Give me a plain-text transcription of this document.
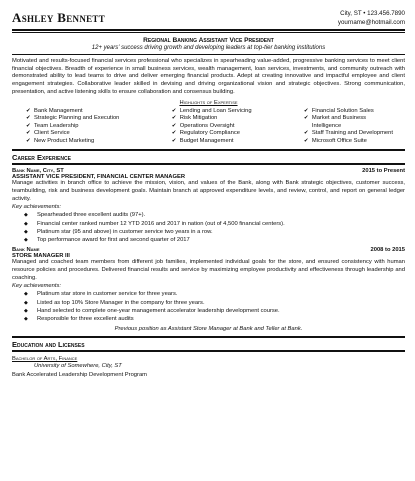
Ashley Bennett	City, ST • 123.456.7890
yourname@hotmail.com
Regional Banking Assistant Vice President
12+ years' success driving growth and developing leaders at top-tier banking institutions
Motivated and results-focused financial services professional who specializes in spearheading value-added, progressive banking services to meet client financial objectives. Breadth of experience in small business services, wealth management, loan services, investments, and community outreach with demonstrated ability to lead teams to drive and deliver emerging financial products. Adept at creating innovative and impactful employee and client engagement strategies. Collaborative leader skilled in devising and driving organizational vision and strategic objectives. Strong communication, presentation, and active listening skills to ensure collaboration and consensus building.
Highlights of Expertise
✔ Bank Management
✔ Strategic Planning and Execution
✔ Team Leadership
✔ Client Service
✔ New Product Marketing
✔ Lending and Loan Servicing
✔ Risk Mitigation
✔ Operations Oversight
✔ Regulatory Compliance
✔ Budget Management
✔ Financial Solution Sales
✔ Market and Business
Intelligence
✔ Staff Training and Development
✔ Microsoft Office Suite
Career Experience
Bank Name, City, ST	2015 to Present
ASSISTANT VICE PRESIDENT, FINANCIAL CENTER MANAGER
Manage activities in branch office to achieve the mission, vision, and values of the Bank, along with Bank strategic objectives, customer success, teambuilding, risk and business development goals. Maintain branch at approved expenditure levels, and review, control, and report on general ledger activity.
Key achievements:
◆ Spearheaded three excellent audits (97+).
◆ Financial center ranked number 12 YTD 2016 and 2017 in nation (out of 4,500 financial centers).
◆ Platinum star (95 and above) in customer service two years in a row.
◆ Top performance award for first and second quarter of 2017
Bank Name	2008 to 2015
STORE MANAGER III
Managed and coached team members from different job families, implemented individual goals for the store, and ensured consistency with human resource policies and procedures. Delivered financial results and service by maximizing employee productivity and effectiveness through leadership and coaching.
Key achievements:
◆ Platinum star store in customer service for three years.
◆ Listed as top 10% Store Manager in the company for three years.
◆ Hand selected to complete one-year management accelerator leadership development course.
◆ Responsible for three excellent audits
Previous position as Assistant Store Manager at Bank and Teller at Bank.
Education and Licenses
Bachelor of Arts, Finance
University of Somewhere, City, ST
Bank Accelerated Leadership Development Program
